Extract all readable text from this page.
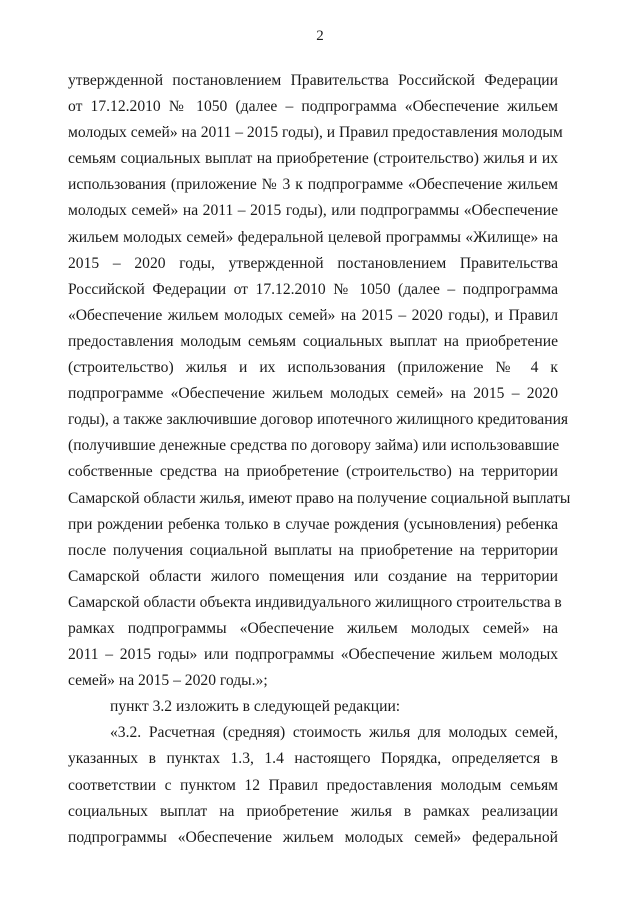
2
утвержденной постановлением Правительства Российской Федерации
от 17.12.2010 № 1050 (далее – подпрограмма «Обеспечение жильем
молодых семей» на 2011 – 2015 годы), и Правил предоставления молодым
семьям социальных выплат на приобретение (строительство) жилья и их
использования (приложение № 3 к подпрограмме «Обеспечение жильем
молодых семей» на 2011 – 2015 годы), или подпрограммы «Обеспечение
жильем молодых семей» федеральной целевой программы «Жилище» на
2015 – 2020 годы, утвержденной постановлением Правительства
Российской Федерации от 17.12.2010 № 1050 (далее – подпрограмма
«Обеспечение жильем молодых семей» на 2015 – 2020 годы), и Правил
предоставления молодым семьям социальных выплат на приобретение
(строительство) жилья и их использования (приложение № 4 к
подпрограмме «Обеспечение жильем молодых семей» на 2015 – 2020
годы), а также заключившие договор ипотечного жилищного кредитования
(получившие денежные средства по договору займа) или использовавшие
собственные средства на приобретение (строительство) на территории
Самарской области жилья, имеют право на получение социальной выплаты
при рождении ребенка только в случае рождения (усыновления) ребенка
после получения социальной выплаты на приобретение на территории
Самарской области жилого помещения или создание на территории
Самарской области объекта индивидуального жилищного строительства в
рамках подпрограммы «Обеспечение жильем молодых семей» на
2011 – 2015 годы» или подпрограммы «Обеспечение жильем молодых
семей» на 2015 – 2020 годы.»;
пункт 3.2 изложить в следующей редакции:
«3.2. Расчетная (средняя) стоимость жилья для молодых семей,
указанных в пунктах 1.3, 1.4 настоящего Порядка, определяется в
соответствии с пунктом 12 Правил предоставления молодым семьям
социальных выплат на приобретение жилья в рамках реализации
подпрограммы «Обеспечение жильем молодых семей» федеральной
